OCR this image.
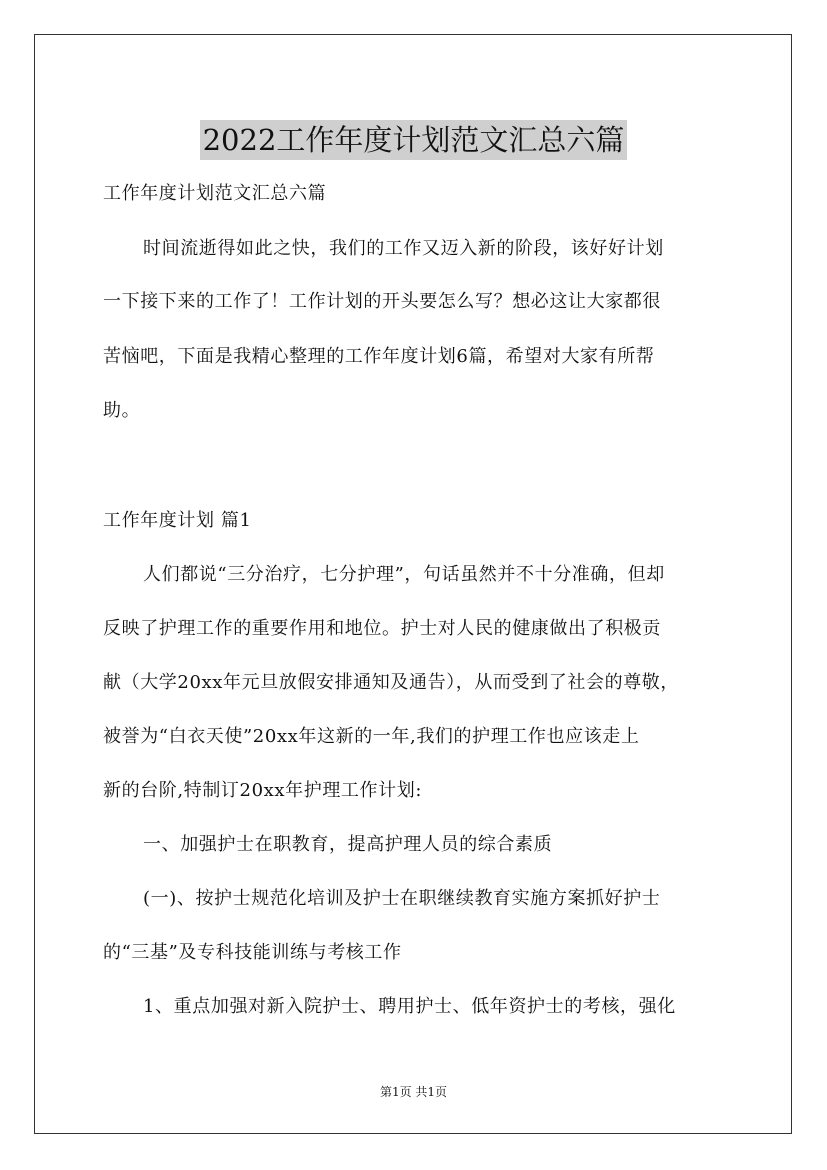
2022工作年度计划范文汇总六篇
工作年度计划范文汇总六篇
时间流逝得如此之快，我们的工作又迈入新的阶段，该好好计划
一下接下来的工作了！工作计划的开头要怎么写？想必这让大家都很
苦恼吧，下面是我精心整理的工作年度计划6篇，希望对大家有所帮
助。
工作年度计划 篇1
人们都说“三分治疗，七分护理”，句话虽然并不十分准确，但却
反映了护理工作的重要作用和地位。护士对人民的健康做出了积极贡
献（大学20xx年元旦放假安排通知及通告），从而受到了社会的尊敬，
被誉为“白衣天使”20xx年这新的一年,我们的护理工作也应该走上
新的台阶,特制订20xx年护理工作计划:
一、加强护士在职教育，提高护理人员的综合素质
(一)、按护士规范化培训及护士在职继续教育实施方案抓好护士
的“三基”及专科技能训练与考核工作
1、重点加强对新入院护士、聘用护士、低年资护士的考核，强化
第1页 共1页
